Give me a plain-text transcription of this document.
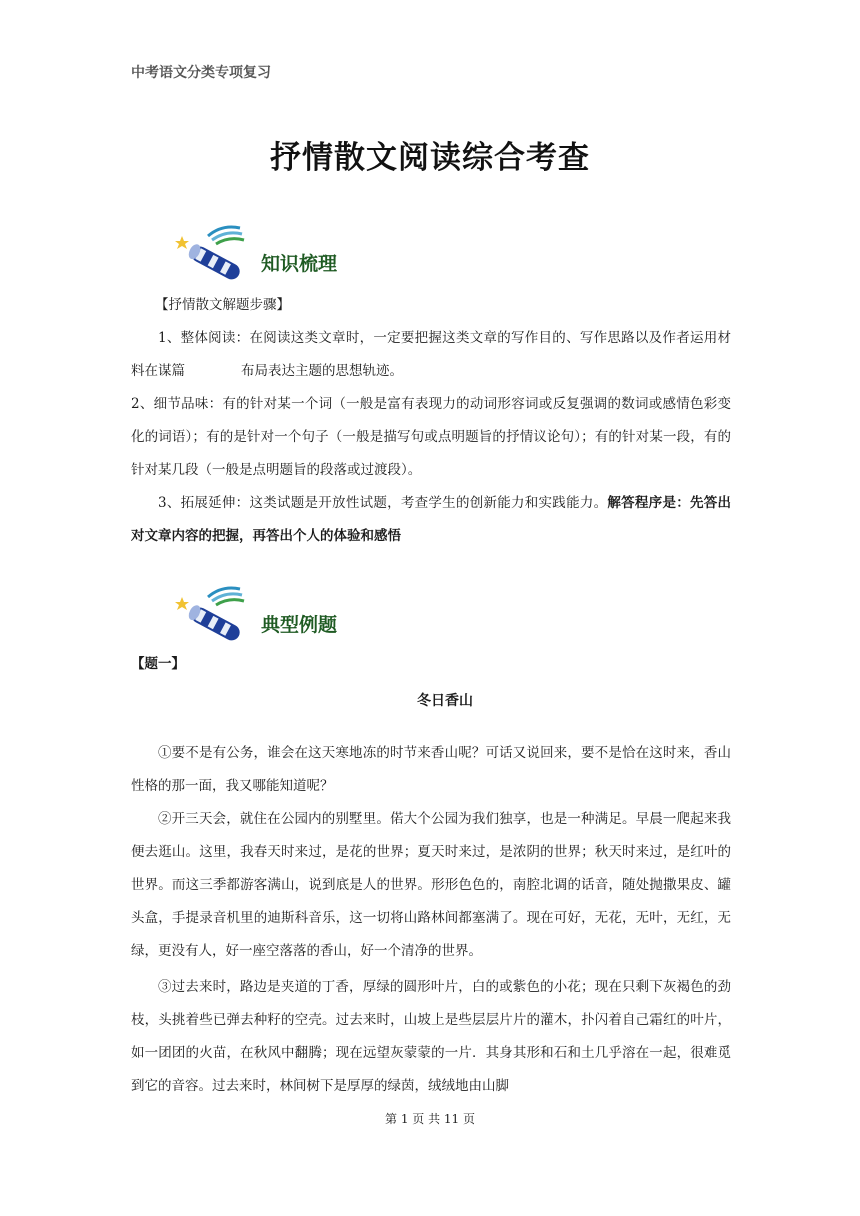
中考语文分类专项复习
抒情散文阅读综合考查
知识梳理
【抒情散文解题步骤】
1、整体阅读：在阅读这类文章时，一定要把握这类文章的写作目的、写作思路以及作者运用材料在谋篇	布局表达主题的思想轨迹。
2、细节品味：有的针对某一个词（一般是富有表现力的动词形容词或反复强调的数词或感情色彩变化的词语）；有的是针对一个句子（一般是描写句或点明题旨的抒情议论句）；有的针对某一段，有的针对某几段（一般是点明题旨的段落或过渡段）。
3、拓展延伸：这类试题是开放性试题，考查学生的创新能力和实践能力。解答程序是：先答出对文章内容的把握，再答出个人的体验和感悟
典型例题
【题一】
冬日香山
①要不是有公务，谁会在这天寒地冻的时节来香山呢？可话又说回来，要不是恰在这时来，香山性格的那一面，我又哪能知道呢？
②开三天会，就住在公园内的别墅里。偌大个公园为我们独享，也是一种满足。早晨一爬起来我便去逛山。这里，我春天时来过，是花的世界；夏天时来过，是浓阴的世界；秋天时来过，是红叶的世界。而这三季都游客满山，说到底是人的世界。形形色色的，南腔北调的话音，随处抛撒果皮、罐头盒，手提录音机里的迪斯科音乐，这一切将山路林间都塞满了。现在可好，无花，无叶，无红，无绿，更没有人，好一座空落落的香山，好一个清净的世界。
③过去来时，路边是夹道的丁香，厚绿的圆形叶片，白的或紫色的小花；现在只剩下灰褐色的劲枝，头挑着些已弹去种籽的空壳。过去来时，山坡上是些层层片片的灌木，扑闪着自己霜红的叶片，如一团团的火苗，在秋风中翻腾；现在远望灰蒙蒙的一片．其身其形和石和土几乎溶在一起，很难觅到它的音容。过去来时，林间树下是厚厚的绿茵，绒绒地由山脚
第 1 页 共 11 页
